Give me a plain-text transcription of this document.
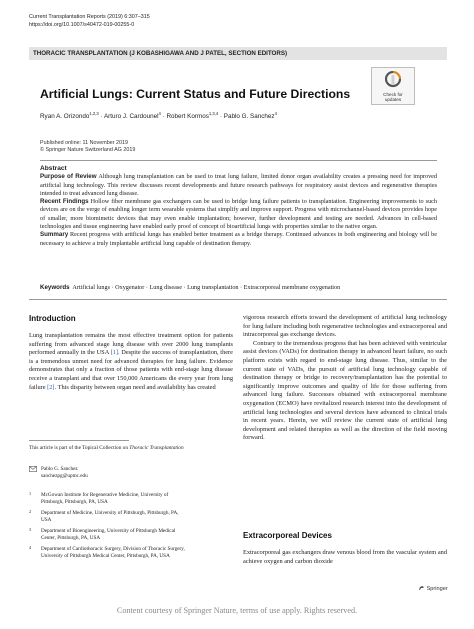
Current Transplantation Reports (2019) 6:307–315
https://doi.org/10.1007/s40472-019-00255-0
THORACIC TRANSPLANTATION (J KOBASHIGAWA AND J PATEL, SECTION EDITORS)
Check for
updates
Artificial Lungs: Current Status and Future Directions
Ryan A. Orizondo$^{1,2,3}$ · Arturo J. Cardounel$^4$ · Robert Kormos$^{1,3,4}$ · Pablo G. Sanchez$^4$
Published online: 11 November 2019
© Springer Nature Switzerland AG 2019
Abstract
Purpose of Review Although lung transplantation can be used to treat lung failure, limited donor organ availability creates a pressing need for improved artificial lung technology. This review discusses recent developments and future research pathways for respiratory assist devices and regenerative therapies intended to treat advanced lung disease.
Recent Findings Hollow fiber membrane gas exchangers can be used to bridge lung failure patients to transplantation. Engineering improvements to such devices are on the verge of enabling longer term wearable systems that simplify and improve support. Progress with microchannel-based devices provides hope of smaller, more biomimetic devices that may even enable implantation; however, further development and testing are needed. Advances in cell-based technologies and tissue engineering have enabled early proof of concept of bioartificial lungs with properties similar to the native organ.
Summary Recent progress with artificial lungs has enabled better treatment as a bridge therapy. Continued advances in both engineering and biology will be necessary to achieve a truly implantable artificial lung capable of destination therapy.
Keywords Artificial lungs · Oxygenator · Lung disease · Lung transplantation · Extracorporeal membrane oxygenation
Introduction

Lung transplantation remains the most effective treatment option for patients suffering from advanced stage lung disease with over 2000 lung transplants performed annually in the USA [1]. Despite the success of transplantation, there is a tremendous unmet need for advanced therapies for lung failure. Evidence demonstrates that only a fraction of those patients with end-stage lung disease receive a transplant and that over 150,000 Americans die every year from lung failure [2]. This disparity between organ need and availability has created

This article is part of the Topical Collection on Thoracic Transplantation
Pablo G. Sanchez
sanchezpg@upmc.edu
1 McGowan Institute for Regenerative Medicine, University of
Pittsburgh, Pittsburgh, PA, USA
2 Department of Medicine, University of Pittsburgh, Pittsburgh, PA,
USA
3 Department of Bioengineering, University of Pittsburgh Medical
Center, Pittsburgh, PA, USA
4 Department of Cardiothoracic Surgery, Division of Thoracic Surgery,
University of Pittsburgh Medical Center, Pittsburgh, PA, USA

vigorous research efforts toward the development of artificial lung technology for lung failure including both regenerative technologies and extracorporeal and intracorporeal gas exchange devices.

Contrary to the tremendous progress that has been achieved with ventricular assist devices (VADs) for destination therapy in advanced heart failure, no such platform exists with regard to end-stage lung disease. Thus, similar to the current state of VADs, the pursuit of artificial lung technology capable of destination therapy or bridge to recovery/transplantation has the potential to significantly improve outcomes and quality of life for those suffering from advanced lung failure. Successes obtained with extracorporeal membrane oxygenation (ECMO) have revitalized research interest into the development of artificial lung technologies and several devices have advanced to clinical trials in recent years. Herein, we will review the current state of artificial lung development and related therapies as well as the direction of the field moving forward.

Extracorporeal Devices
Extracorporeal gas exchangers draw venous blood from the vascular system and achieve oxygen and carbon dioxide
Springer
Content courtesy of Springer Nature, terms of use apply. Rights reserved.
